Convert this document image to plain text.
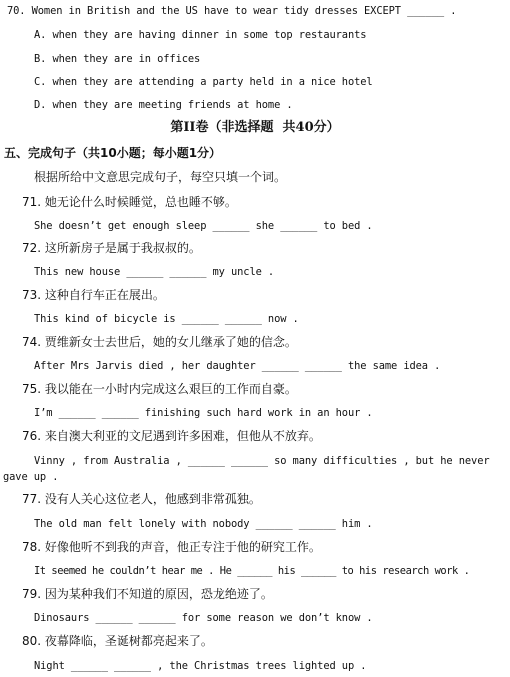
70. Women in British and the US have to wear tidy dresses EXCEPT ______ .
A. when they are having dinner in some top restaurants
B. when they are in offices
C. when they are attending a party held in a nice hotel
D. when they are meeting friends at home .
第II卷（非选择题  共40分）
五、完成句子（共10小题；每小题1分）
根据所给中文意思完成句子，每空只填一个词。
71. 她无论什么时候睡觉，总也睡不够。
She doesn’t get enough sleep ______ she ______ to bed .
72. 这所新房子是属于我叔叔的。
This new house ______ ______ my uncle .
73. 这种自行车正在展出。
This kind of bicycle is ______ ______ now .
74. 贾维新女士去世后，她的女儿继承了她的信念。
After Mrs Jarvis died , her daughter ______ ______ the same idea .
75. 我以能在一小时内完成这么艰巨的工作而自豪。
I’m ______ ______ finishing such hard work in an hour .
76. 来自澳大利亚的文尼遇到许多困难，但他从不放弃。
Vinny , from Australia , ______ ______ so many difficulties , but he never
gave up .
77. 没有人关心这位老人，他感到非常孤独。
The old man felt lonely with nobody ______ ______ him .
78. 好像他听不到我的声音，他正专注于他的研究工作。
It seemed he couldn’t hear me . He ______ his ______ to his research work .
79. 因为某种我们不知道的原因，恐龙绝迹了。
Dinosaurs ______ ______ for some reason we don’t know .
80. 夜幕降临，圣诞树都亮起来了。
Night ______ ______ , the Christmas trees lighted up .
